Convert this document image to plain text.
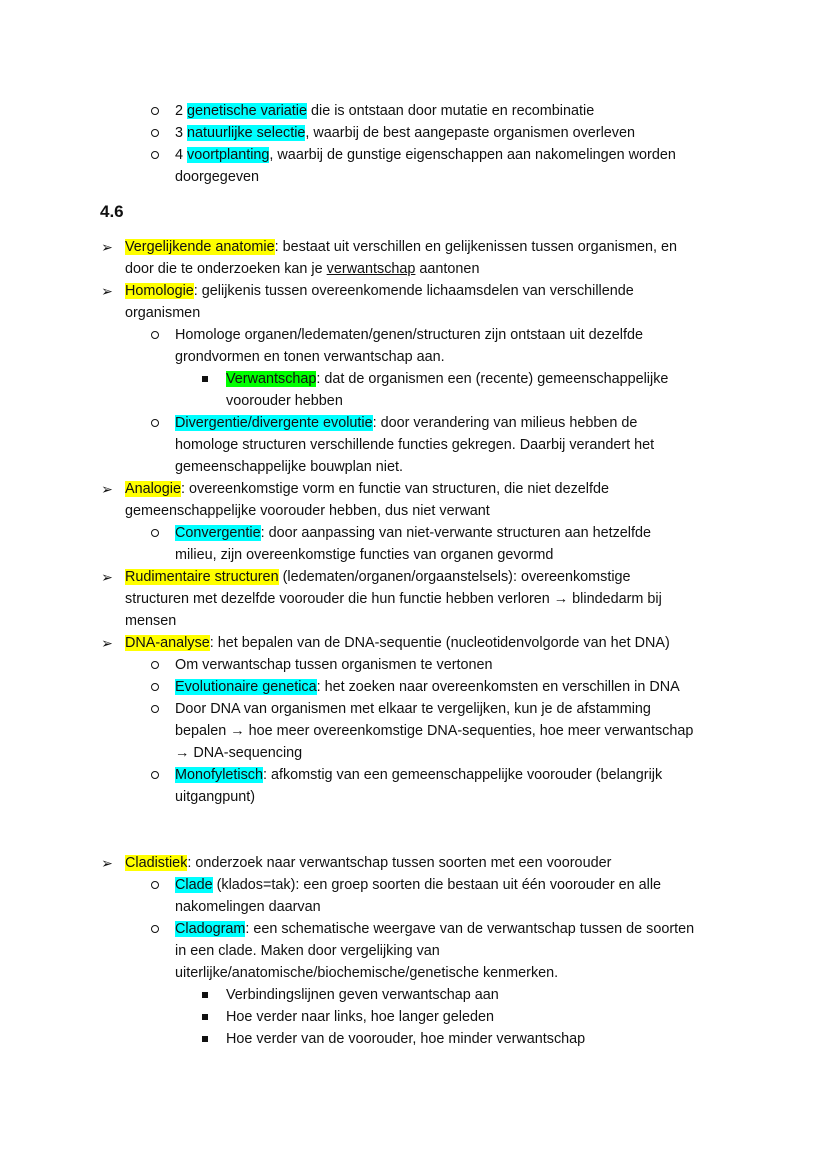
2 genetische variatie die is ontstaan door mutatie en recombinatie
3 natuurlijke selectie, waarbij de best aangepaste organismen overleven
4 voortplanting, waarbij de gunstige eigenschappen aan nakomelingen worden
doorgegeven
4.6
➢ Vergelijkende anatomie: bestaat uit verschillen en gelijkenissen tussen organismen, en
door die te onderzoeken kan je verwantschap aantonen
➢ Homologie: gelijkenis tussen overeenkomende lichaamsdelen van verschillende
organismen
Homologe organen/ledematen/genen/structuren zijn ontstaan uit dezelfde
grondvormen en tonen verwantschap aan.
Verwantschap: dat de organismen een (recente) gemeenschappelijke
voorouder hebben
Divergentie/divergente evolutie: door verandering van milieus hebben de
homologe structuren verschillende functies gekregen. Daarbij verandert het
gemeenschappelijke bouwplan niet.
➢ Analogie: overeenkomstige vorm en functie van structuren, die niet dezelfde
gemeenschappelijke voorouder hebben, dus niet verwant
Convergentie: door aanpassing van niet-verwante structuren aan hetzelfde
milieu, zijn overeenkomstige functies van organen gevormd
➢ Rudimentaire structuren (ledematen/organen/orgaanstelsels): overeenkomstige
structuren met dezelfde voorouder die hun functie hebben verloren → blindedarm bij
mensen
➢ DNA-analyse: het bepalen van de DNA-sequentie (nucleotidenvolgorde van het DNA)
Om verwantschap tussen organismen te vertonen
Evolutionaire genetica: het zoeken naar overeenkomsten en verschillen in DNA
Door DNA van organismen met elkaar te vergelijken, kun je de afstamming
bepalen → hoe meer overeenkomstige DNA-sequenties, hoe meer verwantschap
→ DNA-sequencing
Monofyletisch: afkomstig van een gemeenschappelijke voorouder (belangrijk
uitgangpunt)
➢ Cladistiek: onderzoek naar verwantschap tussen soorten met een voorouder
Clade (klados=tak): een groep soorten die bestaan uit één voorouder en alle
nakomelingen daarvan
Cladogram: een schematische weergave van de verwantschap tussen de soorten
in een clade. Maken door vergelijking van
uiterlijke/anatomische/biochemische/genetische kenmerken.
Verbindingslijnen geven verwantschap aan
Hoe verder naar links, hoe langer geleden
Hoe verder van de voorouder, hoe minder verwantschap
